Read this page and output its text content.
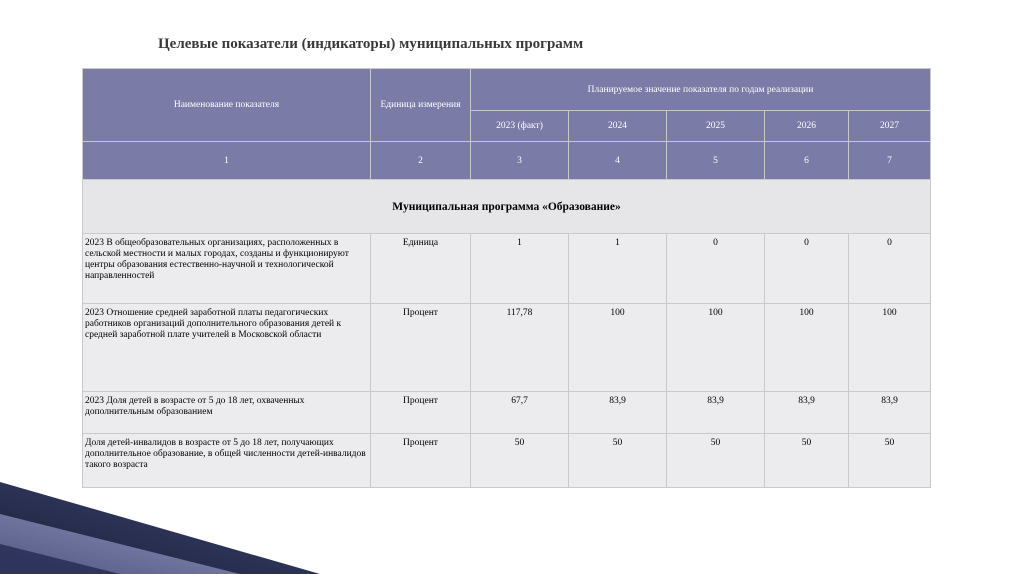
Целевые показатели (индикаторы) муниципальных программ
Наименование показателя	Единица измерения	Планируемое значение показателя по годам реализации				
		2023 (факт)	2024	2025	2026	2027
1	2	3	4	5	6	7
Муниципальная программа «Образование»						
2023 В общеобразовательных организациях, расположенных в сельской местности и малых городах, созданы и функционируют центры образования естественно-научной и технологической направленностей	Единица	1	1	0	0	0
2023 Отношение средней заработной платы педагогических работников организаций дополнительного образования детей к средней заработной плате учителей в Московской области	Процент	117,78	100	100	100	100
2023 Доля детей в возрасте от 5 до 18 лет, охваченных дополнительным образованием	Процент	67,7	83,9	83,9	83,9	83,9
Доля детей-инвалидов в возрасте от 5 до 18 лет, получающих дополнительное образование, в общей численности детей-инвалидов такого возраста	Процент	50	50	50	50	50
